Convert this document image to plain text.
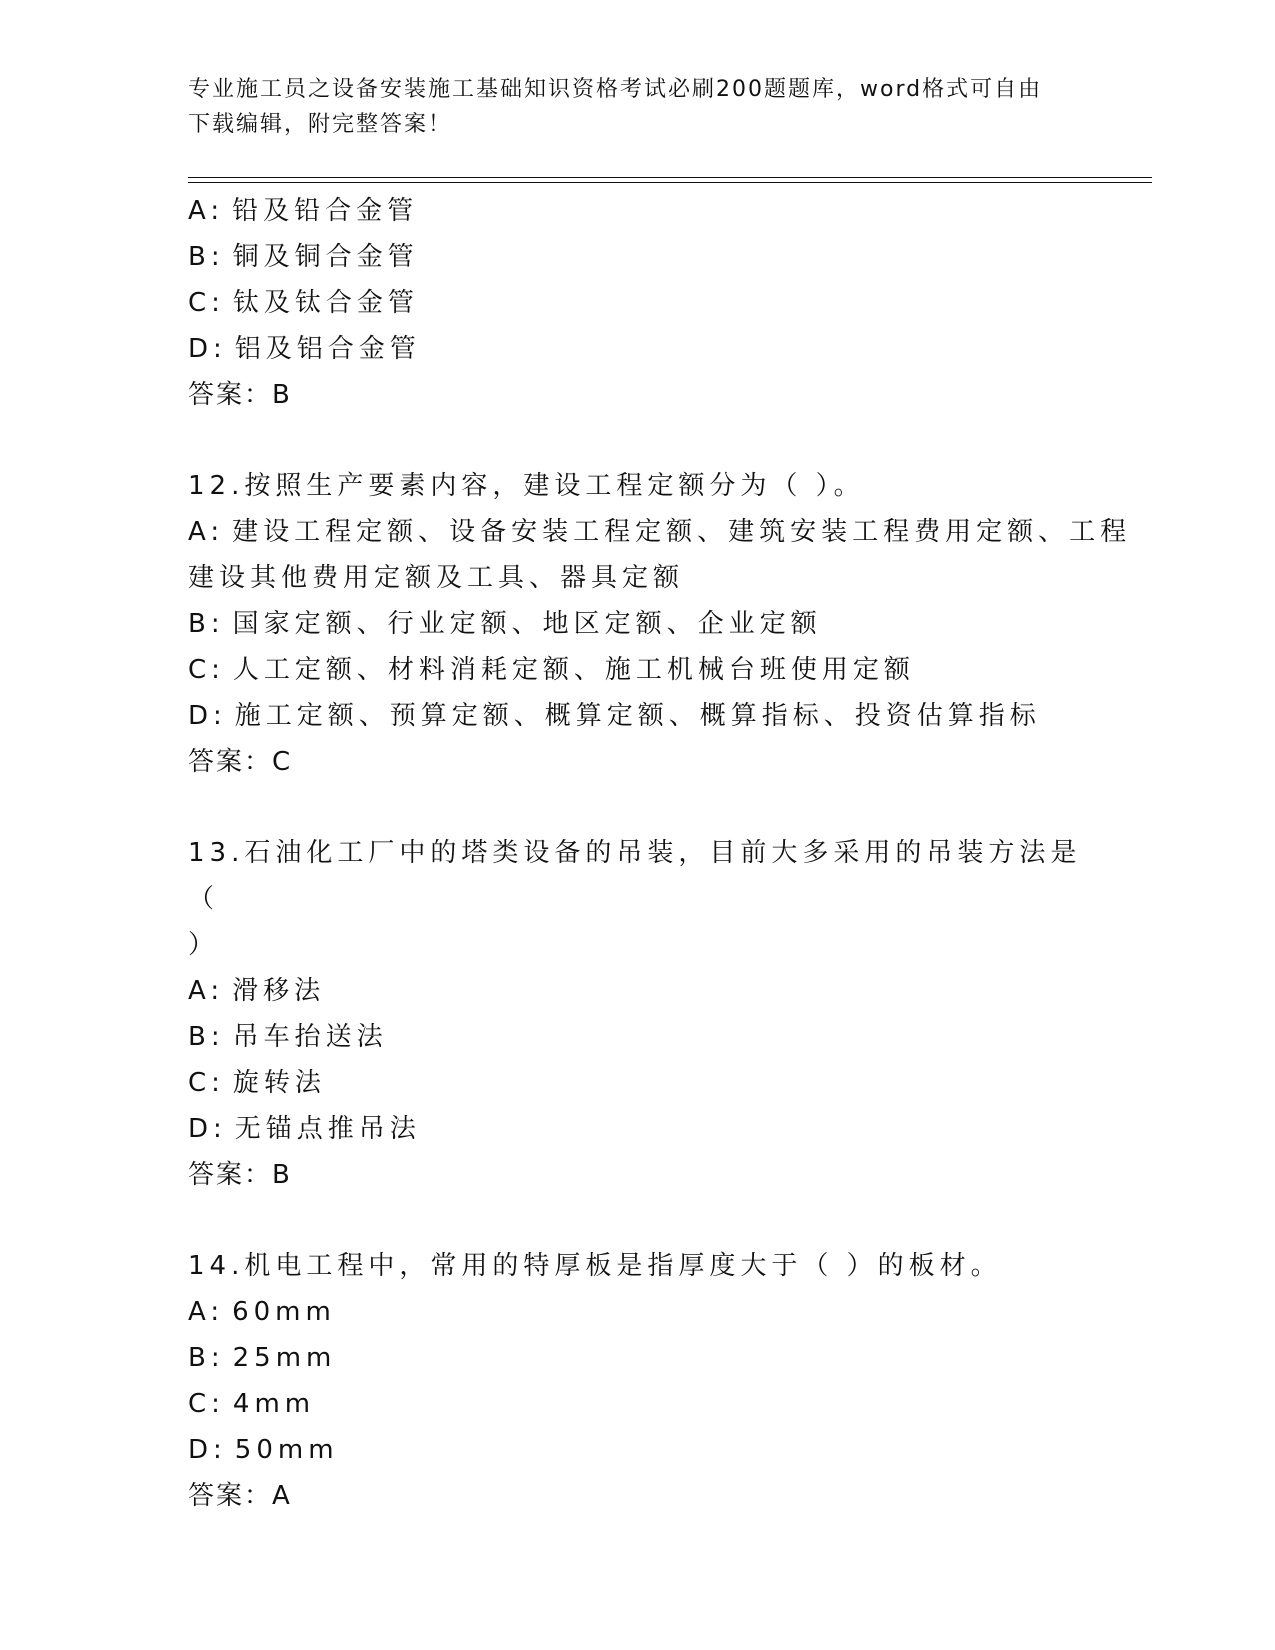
专业施工员之设备安装施工基础知识资格考试必刷200题题库，word格式可自由
下载编辑，附完整答案！
A: 铅及铅合金管
B: 铜及铜合金管
C: 钛及钛合金管
D: 铝及铝合金管
答案：B
12.按照生产要素内容，建设工程定额分为（ ）。
A: 建设工程定额、设备安装工程定额、建筑安装工程费用定额、工程
建设其他费用定额及工具、器具定额
B: 国家定额、行业定额、地区定额、企业定额
C: 人工定额、材料消耗定额、施工机械台班使用定额
D: 施工定额、预算定额、概算定额、概算指标、投资估算指标
答案：C
13.石油化工厂中的塔类设备的吊装，目前大多采用的吊装方法是（
）
A: 滑移法
B: 吊车抬送法
C: 旋转法
D: 无锚点推吊法
答案：B
14.机电工程中，常用的特厚板是指厚度大于（ ）的板材。
A: 60mm
B: 25mm
C: 4mm
D: 50mm
答案：A
